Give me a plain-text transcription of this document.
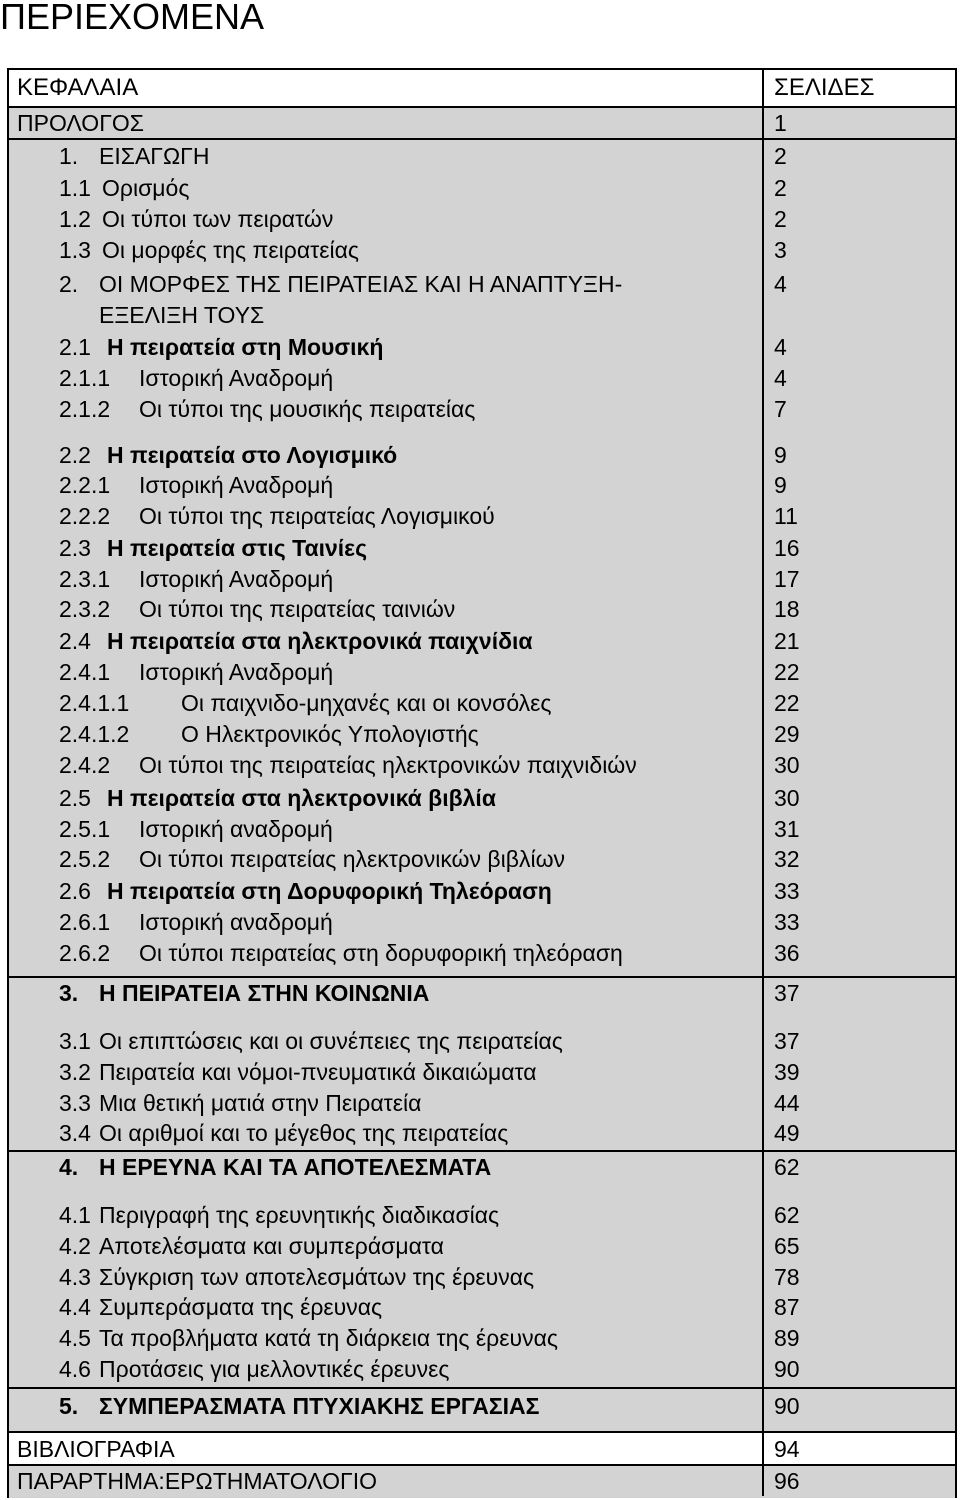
ΠΕΡΙΕΧΟΜΕΝΑ
ΚΕΦΑΛΑΙΑ	ΣΕΛΙΔΕΣ
ΠΡΟΛΟΓΟΣ	1
1. ΕΙΣΑΓΩΓΗ	2
1.1 Ορισμός	2
1.2 Οι τύποι των πειρατών	2
1.3 Οι μορφές της πειρατείας	3
2. ΟΙ ΜΟΡΦΕΣ ΤΗΣ ΠΕΙΡΑΤΕΙΑΣ ΚΑΙ Η ΑΝΑΠΤΥΞΗ-	4
ΕΞΕΛΙΞΗ ΤΟΥΣ
2.1 Η πειρατεία στη Μουσική	4
2.1.1 Ιστορική Αναδρομή	4
2.1.2 Οι τύποι της μουσικής πειρατείας	7
2.2 Η πειρατεία στο Λογισμικό	9
2.2.1 Ιστορική Αναδρομή	9
2.2.2 Οι τύποι της πειρατείας Λογισμικού	11
2.3 Η πειρατεία στις Ταινίες	16
2.3.1 Ιστορική Αναδρομή	17
2.3.2 Οι τύποι της πειρατείας ταινιών	18
2.4 Η πειρατεία στα ηλεκτρονικά παιχνίδια	21
2.4.1 Ιστορική Αναδρομή	22
2.4.1.1 Οι παιχνιδο-μηχανές και οι κονσόλες	22
2.4.1.2 Ο Ηλεκτρονικός Υπολογιστής	29
2.4.2 Οι τύποι της πειρατείας ηλεκτρονικών παιχνιδιών	30
2.5 Η πειρατεία στα ηλεκτρονικά βιβλία	30
2.5.1 Ιστορική αναδρομή	31
2.5.2 Οι τύποι πειρατείας ηλεκτρονικών βιβλίων	32
2.6 Η πειρατεία στη Δορυφορική Τηλεόραση	33
2.6.1 Ιστορική αναδρομή	33
2.6.2 Οι τύποι πειρατείας στη δορυφορική τηλεόραση	36
3. Η ΠΕΙΡΑΤΕΙΑ ΣΤΗΝ ΚΟΙΝΩΝΙΑ	37
3.1 Οι επιπτώσεις και οι συνέπειες της πειρατείας	37
3.2 Πειρατεία και νόμοι-πνευματικά δικαιώματα	39
3.3 Μια θετική ματιά στην Πειρατεία	44
3.4 Οι αριθμοί και το μέγεθος της πειρατείας	49
4. Η ΕΡΕΥΝΑ ΚΑΙ ΤΑ ΑΠΟΤΕΛΕΣΜΑΤΑ	62
4.1 Περιγραφή της ερευνητικής διαδικασίας	62
4.2 Αποτελέσματα και συμπεράσματα	65
4.3 Σύγκριση των αποτελεσμάτων της έρευνας	78
4.4 Συμπεράσματα της έρευνας	87
4.5 Τα προβλήματα κατά τη διάρκεια της έρευνας	89
4.6 Προτάσεις για μελλοντικές έρευνες	90
5. ΣΥΜΠΕΡΑΣΜΑΤΑ ΠΤΥΧΙΑΚΗΣ ΕΡΓΑΣΙΑΣ	90
ΒΙΒΛΙΟΓΡΑΦΙΑ	94
ΠΑΡΑΡΤΗΜΑ:ΕΡΩΤΗΜΑΤΟΛΟΓΙΟ	96
